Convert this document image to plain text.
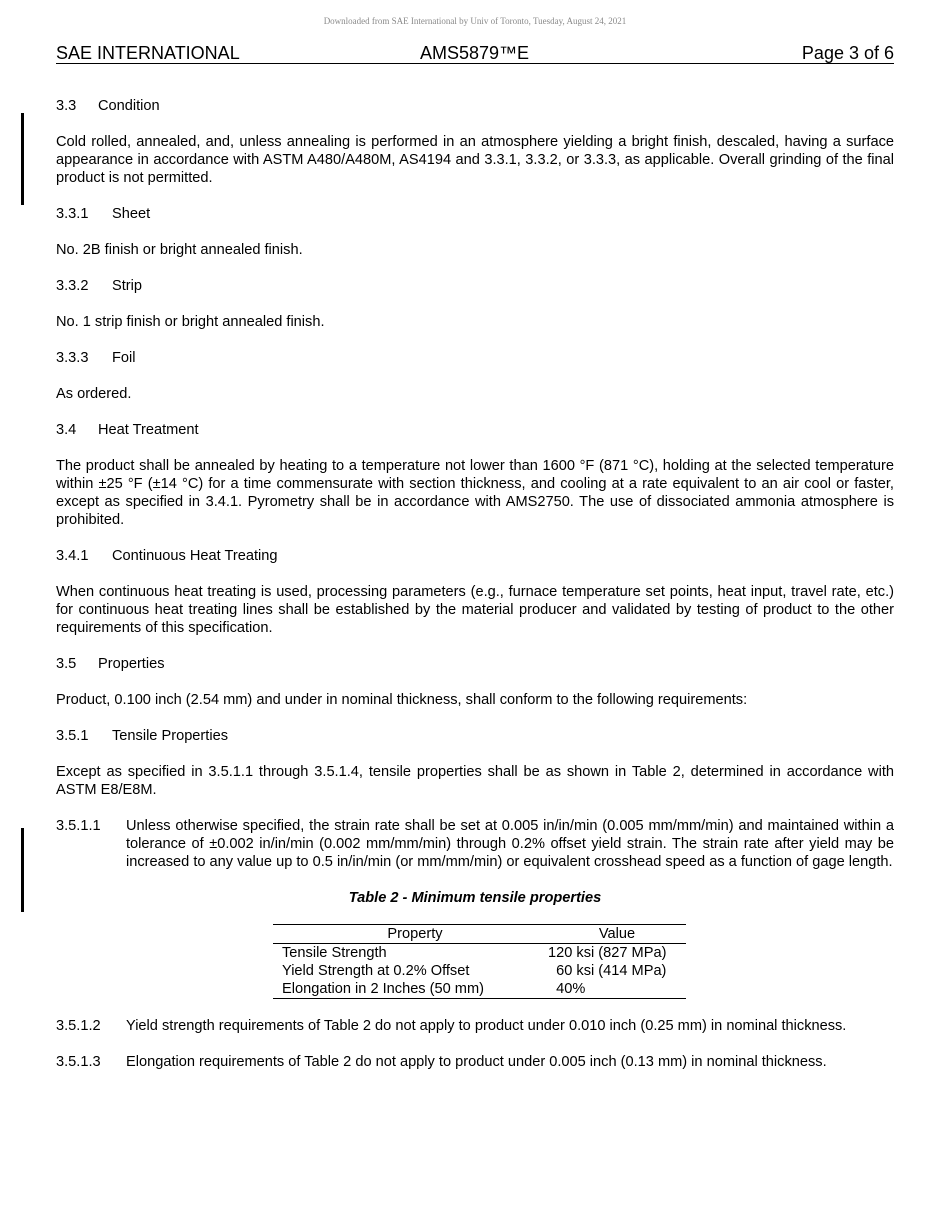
Downloaded from SAE International by Univ of Toronto, Tuesday, August 24, 2021
SAE INTERNATIONAL	AMS5879™E	Page 3 of 6
3.3 Condition

Cold rolled, annealed, and, unless annealing is performed in an atmosphere yielding a bright finish, descaled, having a surface appearance in accordance with ASTM A480/A480M, AS4194 and 3.3.1, 3.3.2, or 3.3.3, as applicable. Overall grinding of the final product is not permitted.

3.3.1 Sheet

No. 2B finish or bright annealed finish.

3.3.2 Strip

No. 1 strip finish or bright annealed finish.

3.3.3 Foil

As ordered.

3.4 Heat Treatment

The product shall be annealed by heating to a temperature not lower than 1600 °F (871 °C), holding at the selected temperature within ±25 °F (±14 °C) for a time commensurate with section thickness, and cooling at a rate equivalent to an air cool or faster, except as specified in 3.4.1. Pyrometry shall be in accordance with AMS2750. The use of dissociated ammonia atmosphere is prohibited.

3.4.1 Continuous Heat Treating

When continuous heat treating is used, processing parameters (e.g., furnace temperature set points, heat input, travel rate, etc.) for continuous heat treating lines shall be established by the material producer and validated by testing of product to the other requirements of this specification.

3.5 Properties

Product, 0.100 inch (2.54 mm) and under in nominal thickness, shall conform to the following requirements:

3.5.1 Tensile Properties

Except as specified in 3.5.1.1 through 3.5.1.4, tensile properties shall be as shown in Table 2, determined in accordance with ASTM E8/E8M.

3.5.1.1	Unless otherwise specified, the strain rate shall be set at 0.005 in/in/min (0.005 mm/mm/min) and maintained within a tolerance of ±0.002 in/in/min (0.002 mm/mm/min) through 0.2% offset yield strain. The strain rate after yield may be increased to any value up to 0.5 in/in/min (or mm/mm/min) or equivalent crosshead speed as a function of gage length.
Table 2 - Minimum tensile properties
Property	Value
Tensile Strength	120 ksi (827 MPa)
Yield Strength at 0.2% Offset	60 ksi (414 MPa)
Elongation in 2 Inches (50 mm)	40%
3.5.1.2	Yield strength requirements of Table 2 do not apply to product under 0.010 inch (0.25 mm) in nominal thickness.
3.5.1.3	Elongation requirements of Table 2 do not apply to product under 0.005 inch (0.13 mm) in nominal thickness.
